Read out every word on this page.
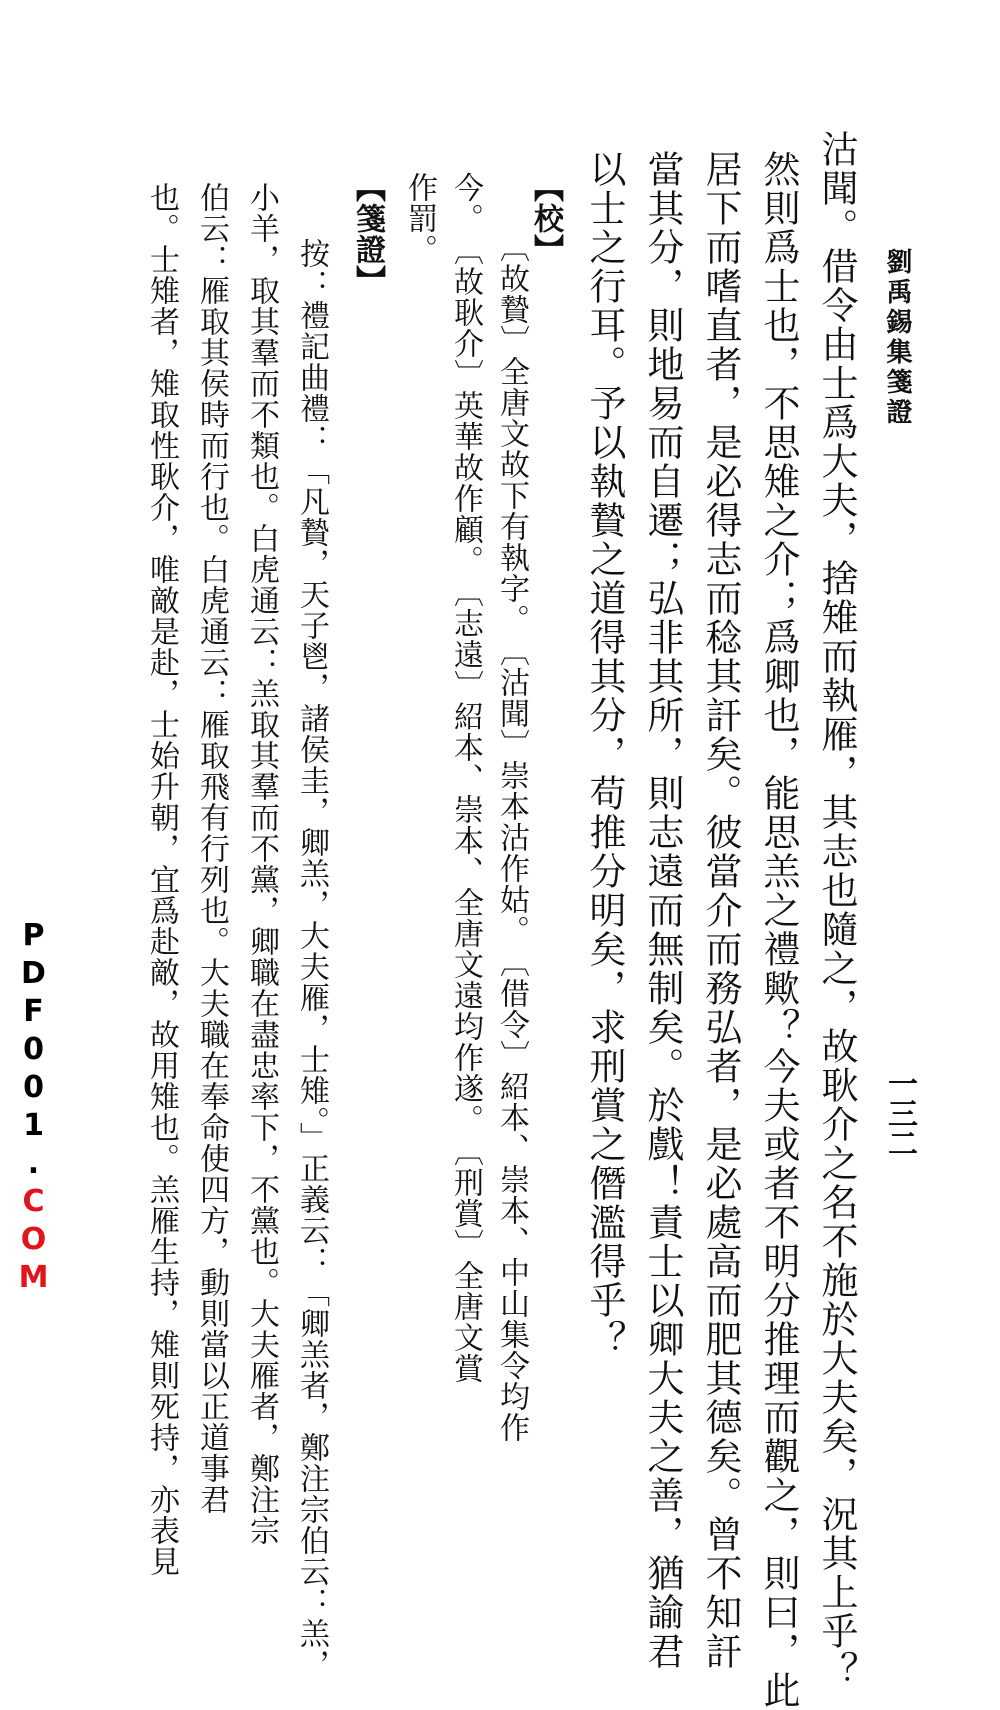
劉禹錫集箋證
一三二
沽聞。借令由士爲大夫，捨雉而執雁，其志也隨之，故耿介之名不施於大夫矣，況其上乎？
然則爲士也，不思雉之介；爲卿也，能思羔之禮歟？今夫或者不明分推理而觀之，則曰，此
居下而嗜直者，是必得志而稔其訐矣。彼當介而務弘者，是必處高而肥其德矣。曾不知訐
當其分，則地易而自遷；弘非其所，則志遠而無制矣。於戲！責士以卿大夫之善，猶諭君
以士之行耳。予以執贄之道得其分，苟推分明矣，求刑賞之僭濫得乎？
【校】
〔故贄〕全唐文故下有執字。　〔沽聞〕崇本沽作姑。　〔借令〕紹本、崇本、中山集令均作
今。　〔故耿介〕英華故作顧。　〔志遠〕紹本、崇本、全唐文遠均作遂。　〔刑賞〕全唐文賞
作罰。
【箋證】
按：禮記曲禮：「凡贄，天子鬯，諸侯圭，卿羔，大夫雁，士雉。」正義云：「卿羔者，鄭注宗伯云：羔，
小羊，取其羣而不類也。白虎通云：羔取其羣而不黨，卿職在盡忠率下，不黨也。大夫雁者，鄭注宗
伯云：雁取其侯時而行也。白虎通云：雁取飛有行列也。大夫職在奉命使四方，動則當以正道事君
也。士雉者，雉取性耿介，唯敵是赴，士始升朝，宜爲赴敵，故用雉也。羔雁生持，雉則死持，亦表見
PDF001.COM
